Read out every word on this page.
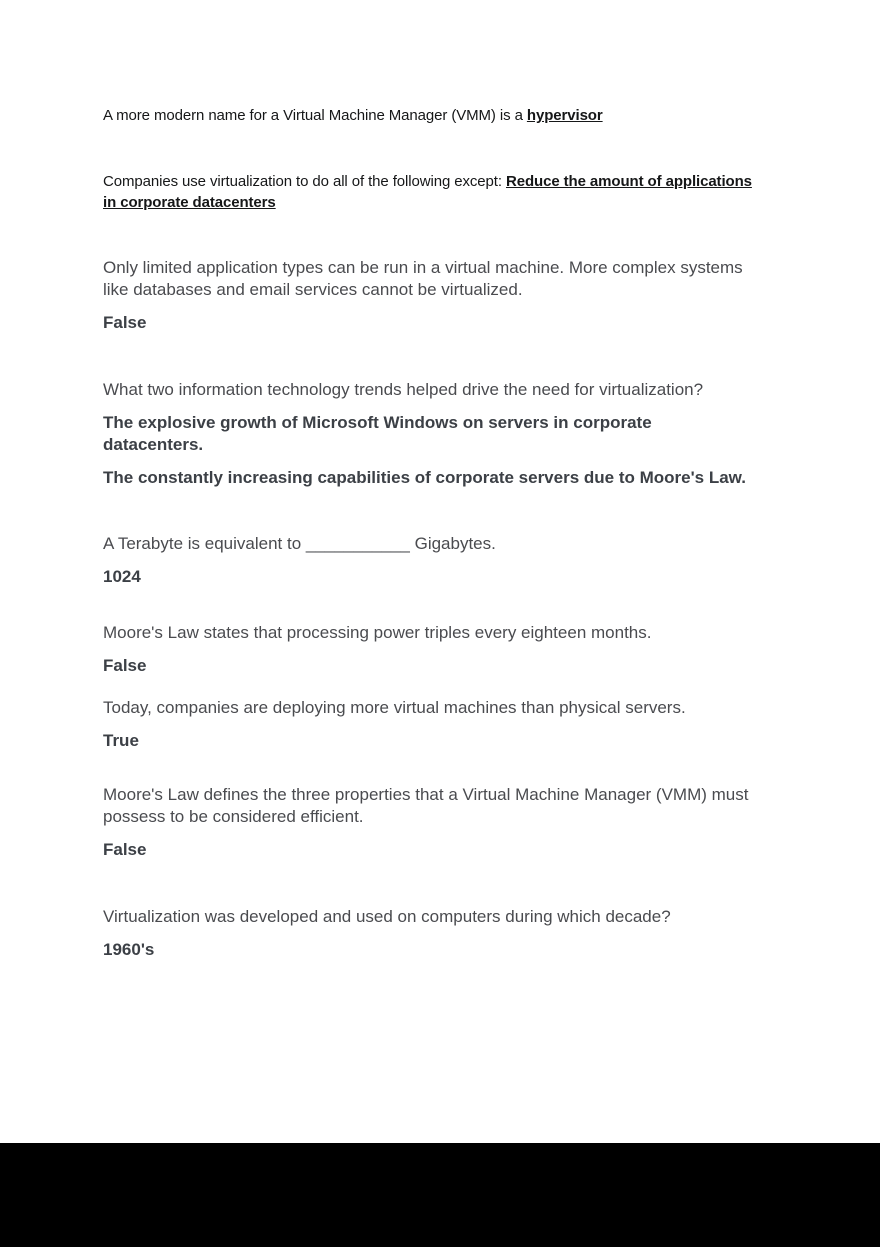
A more modern name for a Virtual Machine Manager (VMM) is a hypervisor

Companies use virtualization to do all of the following except: Reduce the amount of applications in corporate datacenters

Only limited application types can be run in a virtual machine. More complex systems like databases and email services cannot be virtualized.

False

What two information technology trends helped drive the need for virtualization?

The explosive growth of Microsoft Windows on servers in corporate datacenters.

The constantly increasing capabilities of corporate servers due to Moore's Law.

A Terabyte is equivalent to ___________ Gigabytes.

1024

Moore's Law states that processing power triples every eighteen months.

False

Today, companies are deploying more virtual machines than physical servers.

True

Moore's Law defines the three properties that a Virtual Machine Manager (VMM) must possess to be considered efficient.

False

Virtualization was developed and used on computers during which decade?

1960's
